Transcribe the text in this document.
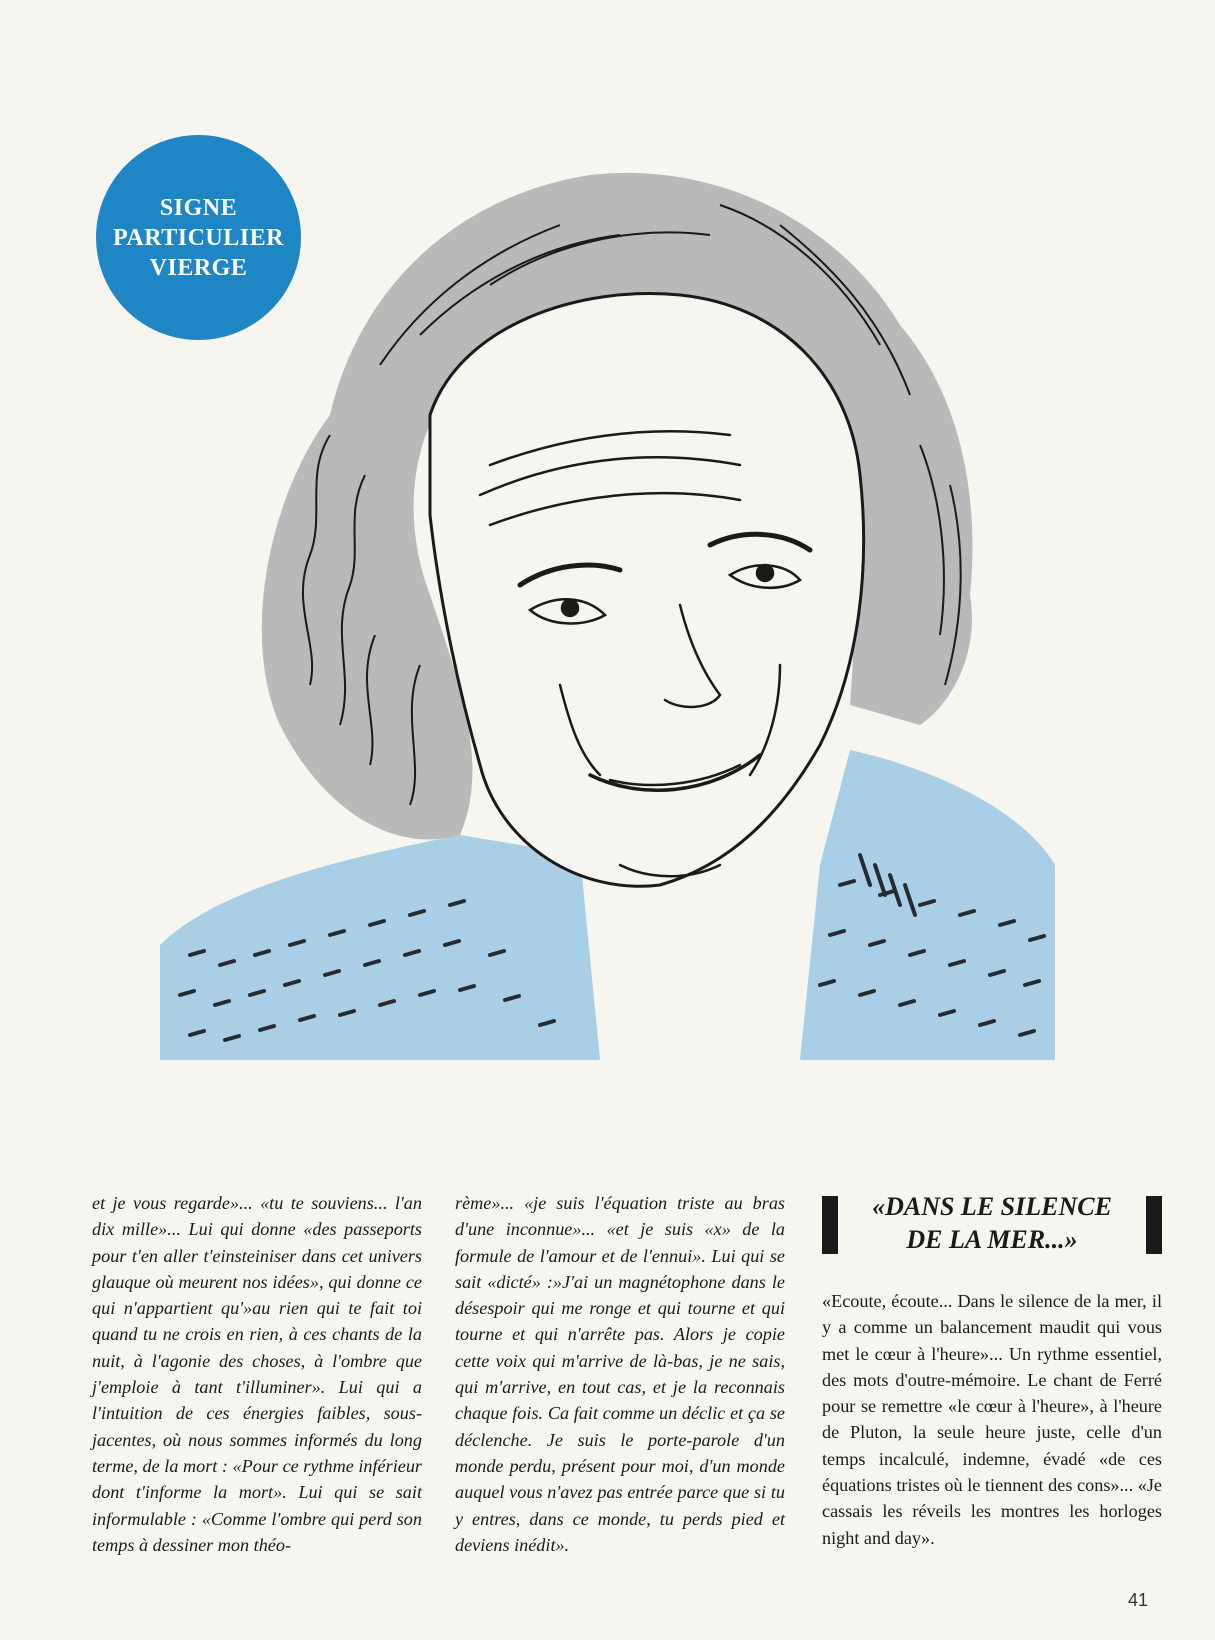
SIGNE
PARTICULIER
VIERGE

et je vous regarde»... «tu te souviens... l'an dix mille»... Lui qui donne «des passeports pour t'en aller t'einsteiniser dans cet univers glauque où meurent nos idées», qui donne ce qui n'appartient qu'»au rien qui te fait toi quand tu ne crois en rien, à ces chants de la nuit, à l'agonie des choses, à l'ombre que j'emploie à tant t'illuminer». Lui qui a l'intuition de ces énergies faibles, sous-jacentes, où nous sommes informés du long terme, de la mort : «Pour ce rythme inférieur dont t'informe la mort». Lui qui se sait informulable : «Comme l'ombre qui perd son temps à dessiner mon théo-

rème»... «je suis l'équation triste au bras d'une inconnue»... «et je suis «x» de la formule de l'amour et de l'ennui». Lui qui se sait «dicté» :»J'ai un magnétophone dans le désespoir qui me ronge et qui tourne et qui tourne et qui n'arrête pas. Alors je copie cette voix qui m'arrive de là-bas, je ne sais, qui m'arrive, en tout cas, et je la reconnais chaque fois. Ca fait comme un déclic et ça se déclenche. Je suis le porte-parole d'un monde perdu, présent pour moi, d'un monde auquel vous n'avez pas entrée parce que si tu y entres, dans ce monde, tu perds pied et deviens inédit».

«DANS LE SILENCE
DE LA MER...»

«Ecoute, écoute... Dans le silence de la mer, il y a comme un balancement maudit qui vous met le cœur à l'heure»... Un rythme essentiel, des mots d'outre-mémoire. Le chant de Ferré pour se remettre «le cœur à l'heure», à l'heure de Pluton, la seule heure juste, celle d'un temps incalculé, indemne, évadé «de ces équations tristes où le tiennent des cons»... «Je cassais les réveils les montres les horloges night and day».

41
